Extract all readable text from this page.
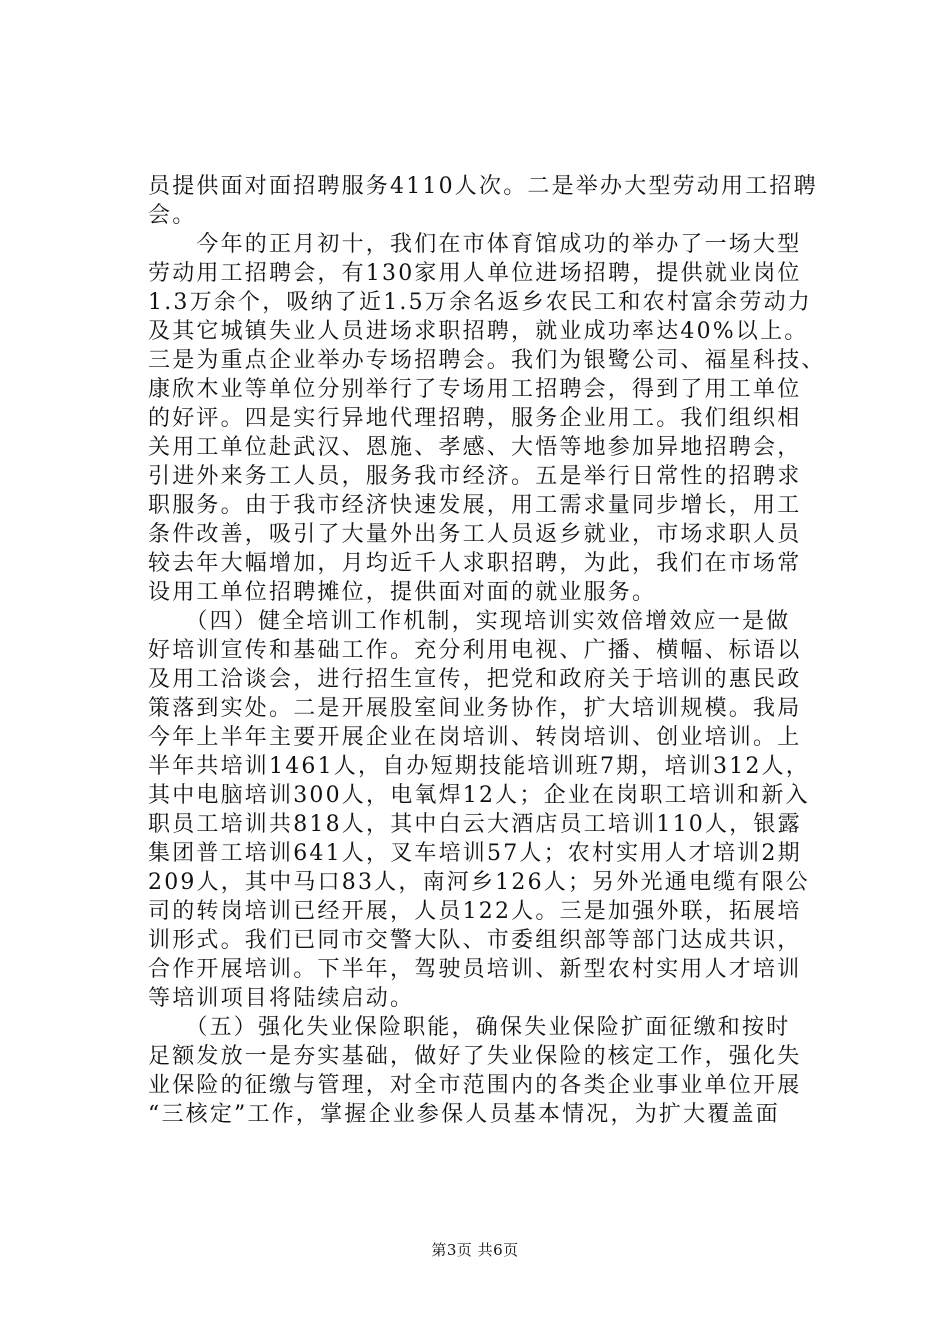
员提供面对面招聘服务4110人次。二是举办大型劳动用工招聘
会。
　　今年的正月初十，我们在市体育馆成功的举办了一场大型
劳动用工招聘会，有130家用人单位进场招聘，提供就业岗位
1.3万余个，吸纳了近1.5万余名返乡农民工和农村富余劳动力
及其它城镇失业人员进场求职招聘，就业成功率达40%以上。
三是为重点企业举办专场招聘会。我们为银鹭公司、福星科技、
康欣木业等单位分别举行了专场用工招聘会，得到了用工单位
的好评。四是实行异地代理招聘，服务企业用工。我们组织相
关用工单位赴武汉、恩施、孝感、大悟等地参加异地招聘会，
引进外来务工人员，服务我市经济。五是举行日常性的招聘求
职服务。由于我市经济快速发展，用工需求量同步增长，用工
条件改善，吸引了大量外出务工人员返乡就业，市场求职人员
较去年大幅增加，月均近千人求职招聘，为此，我们在市场常
设用工单位招聘摊位，提供面对面的就业服务。
　　（四）健全培训工作机制，实现培训实效倍增效应一是做
好培训宣传和基础工作。充分利用电视、广播、横幅、标语以
及用工洽谈会，进行招生宣传，把党和政府关于培训的惠民政
策落到实处。二是开展股室间业务协作，扩大培训规模。我局
今年上半年主要开展企业在岗培训、转岗培训、创业培训。上
半年共培训1461人，自办短期技能培训班7期，培训312人，
其中电脑培训300人，电氧焊12人；企业在岗职工培训和新入
职员工培训共818人，其中白云大酒店员工培训110人，银露
集团普工培训641人，叉车培训57人；农村实用人才培训2期
209人，其中马口83人，南河乡126人；另外光通电缆有限公
司的转岗培训已经开展，人员122人。三是加强外联，拓展培
训形式。我们已同市交警大队、市委组织部等部门达成共识，
合作开展培训。下半年，驾驶员培训、新型农村实用人才培训
等培训项目将陆续启动。
　　（五）强化失业保险职能，确保失业保险扩面征缴和按时
足额发放一是夯实基础，做好了失业保险的核定工作，强化失
业保险的征缴与管理，对全市范围内的各类企业事业单位开展
“三核定”工作，掌握企业参保人员基本情况，为扩大覆盖面
第3页 共6页
